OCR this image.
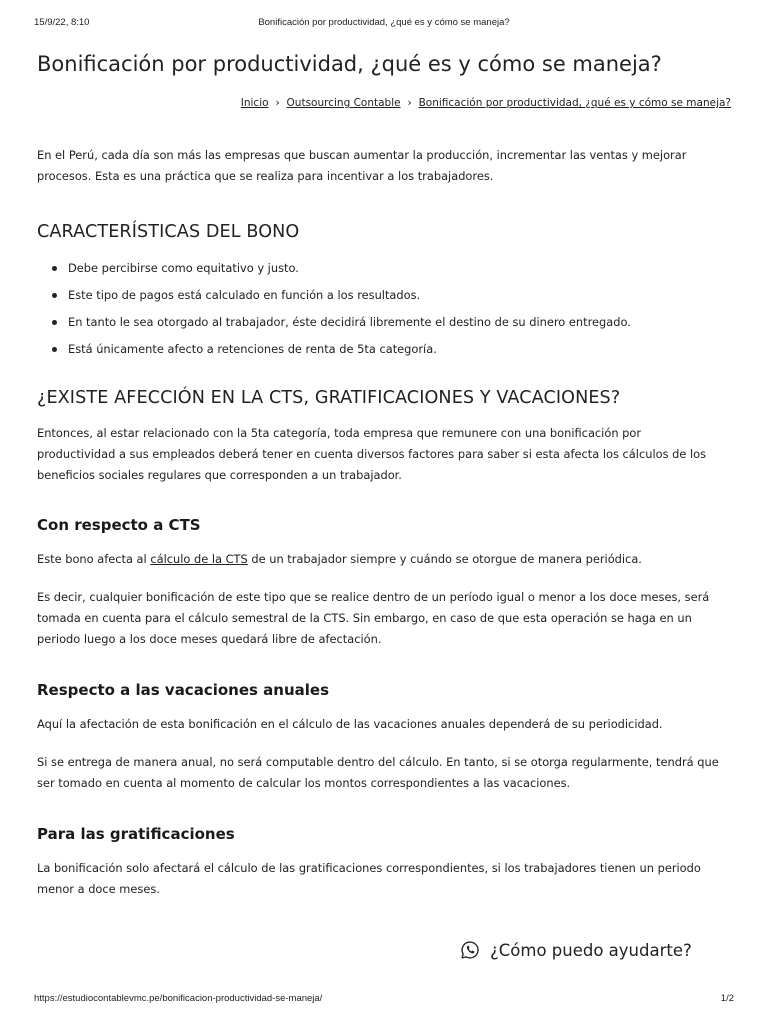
15/9/22, 8:10	Bonificación por productividad, ¿qué es y cómo se maneja?
Bonificación por productividad, ¿qué es y cómo se maneja?
Inicio › Outsourcing Contable › Bonificación por productividad, ¿qué es y cómo se maneja?

En el Perú, cada día son más las empresas que buscan aumentar la producción, incrementar las ventas y mejorar
procesos. Esta es una práctica que se realiza para incentivar a los trabajadores.

CARACTERÍSTICAS DEL BONO
Debe percibirse como equitativo y justo.
Este tipo de pagos está calculado en función a los resultados.
En tanto le sea otorgado al trabajador, éste decidirá libremente el destino de su dinero entregado.
Está únicamente afecto a retenciones de renta de 5ta categoría.
¿EXISTE AFECCIÓN EN LA CTS, GRATIFICACIONES Y VACACIONES?

Entonces, al estar relacionado con la 5ta categoría, toda empresa que remunere con una bonificación por
productividad a sus empleados deberá tener en cuenta diversos factores para saber si esta afecta los cálculos de los
beneficios sociales regulares que corresponden a un trabajador.

Con respecto a CTS

Este bono afecta al cálculo de la CTS de un trabajador siempre y cuándo se otorgue de manera periódica.

Es decir, cualquier bonificación de este tipo que se realice dentro de un período igual o menor a los doce meses, será
tomada en cuenta para el cálculo semestral de la CTS. Sin embargo, en caso de que esta operación se haga en un
periodo luego a los doce meses quedará libre de afectación.

Respecto a las vacaciones anuales

Aquí la afectación de esta bonificación en el cálculo de las vacaciones anuales dependerá de su periodicidad.

Si se entrega de manera anual, no será computable dentro del cálculo. En tanto, si se otorga regularmente, tendrá que
ser tomado en cuenta al momento de calcular los montos correspondientes a las vacaciones.

Para las gratificaciones

La bonificación solo afectará el cálculo de las gratificaciones correspondientes, si los trabajadores tienen un periodo
menor a doce meses.

¿Cómo puedo ayudarte?
https://estudiocontablevmc.pe/bonificacion-productividad-se-maneja/	1/2
